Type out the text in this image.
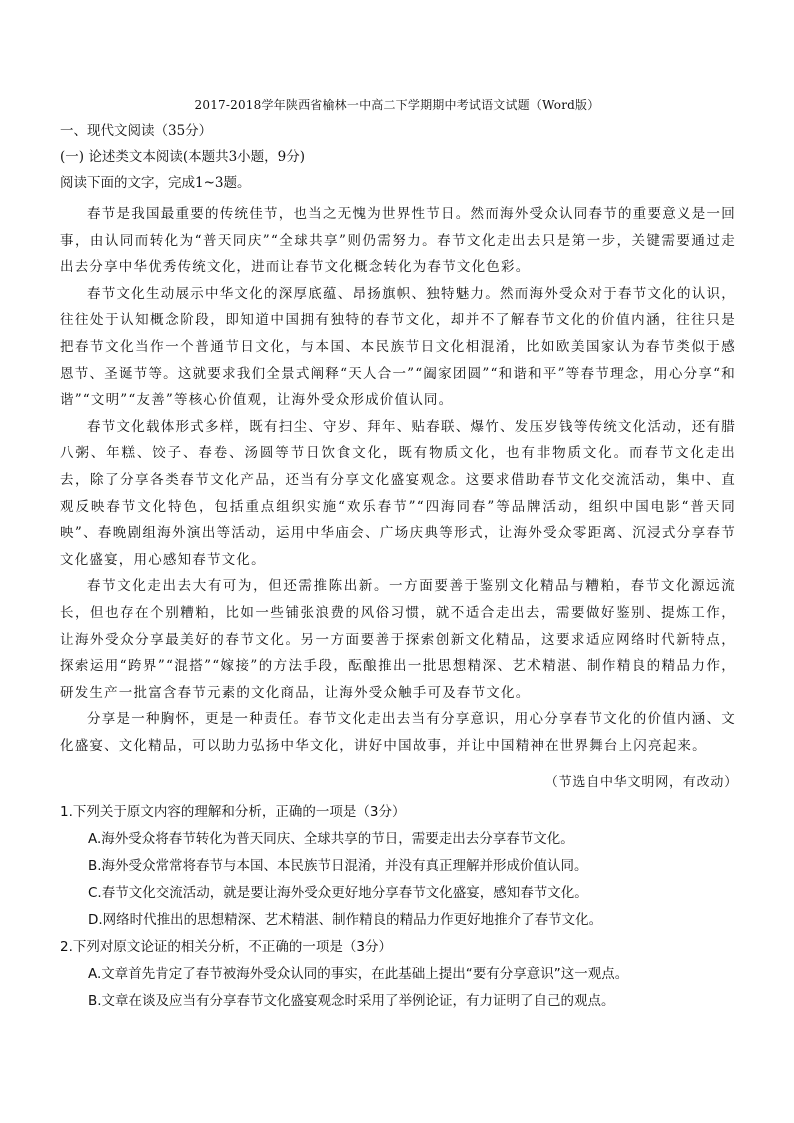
2017-2018学年陕西省榆林一中高二下学期期中考试语文试题（Word版）
一、现代文阅读（35分）
(一) 论述类文本阅读(本题共3小题，9分)
阅读下面的文字，完成1~3题。

春节是我国最重要的传统佳节，也当之无愧为世界性节日。然而海外受众认同春节的重要意义是一回事，由认同而转化为“普天同庆”“全球共享”则仍需努力。春节文化走出去只是第一步，关键需要通过走出去分享中华优秀传统文化，进而让春节文化概念转化为春节文化色彩。

春节文化生动展示中华文化的深厚底蕴、昂扬旗帜、独特魅力。然而海外受众对于春节文化的认识，往往处于认知概念阶段，即知道中国拥有独特的春节文化，却并不了解春节文化的价值内涵，往往只是把春节文化当作一个普通节日文化，与本国、本民族节日文化相混淆，比如欧美国家认为春节类似于感恩节、圣诞节等。这就要求我们全景式阐释“天人合一”“阖家团圆”“和谐和平”等春节理念，用心分享“和谐”“文明”“友善”等核心价值观，让海外受众形成价值认同。

春节文化载体形式多样，既有扫尘、守岁、拜年、贴春联、爆竹、发压岁钱等传统文化活动，还有腊八粥、年糕、饺子、春卷、汤圆等节日饮食文化，既有物质文化，也有非物质文化。而春节文化走出去，除了分享各类春节文化产品，还当有分享文化盛宴观念。这要求借助春节文化交流活动，集中、直观反映春节文化特色，包括重点组织实施“欢乐春节”“四海同春”等品牌活动，组织中国电影“普天同映”、春晚剧组海外演出等活动，运用中华庙会、广场庆典等形式，让海外受众零距离、沉浸式分享春节文化盛宴，用心感知春节文化。

春节文化走出去大有可为，但还需推陈出新。一方面要善于鉴别文化精品与糟粕，春节文化源远流长，但也存在个别糟粕，比如一些铺张浪费的风俗习惯，就不适合走出去，需要做好鉴别、提炼工作，让海外受众分享最美好的春节文化。另一方面要善于探索创新文化精品，这要求适应网络时代新特点，探索运用“跨界”“混搭”“嫁接”的方法手段，酝酿推出一批思想精深、艺术精湛、制作精良的精品力作，研发生产一批富含春节元素的文化商品，让海外受众触手可及春节文化。

分享是一种胸怀，更是一种责任。春节文化走出去当有分享意识，用心分享春节文化的价值内涵、文化盛宴、文化精品，可以助力弘扬中华文化，讲好中国故事，并让中国精神在世界舞台上闪亮起来。

（节选自中华文明网，有改动）
1.下列关于原文内容的理解和分析，正确的一项是（3分）
A.海外受众将春节转化为普天同庆、全球共享的节日，需要走出去分享春节文化。
B.海外受众常常将春节与本国、本民族节日混淆，并没有真正理解并形成价值认同。
C.春节文化交流活动，就是要让海外受众更好地分享春节文化盛宴，感知春节文化。
D.网络时代推出的思想精深、艺术精湛、制作精良的精品力作更好地推介了春节文化。
2.下列对原文论证的相关分析，不正确的一项是（3分）
A.文章首先肯定了春节被海外受众认同的事实，在此基础上提出“要有分享意识”这一观点。
B.文章在谈及应当有分享春节文化盛宴观念时采用了举例论证，有力证明了自己的观点。
